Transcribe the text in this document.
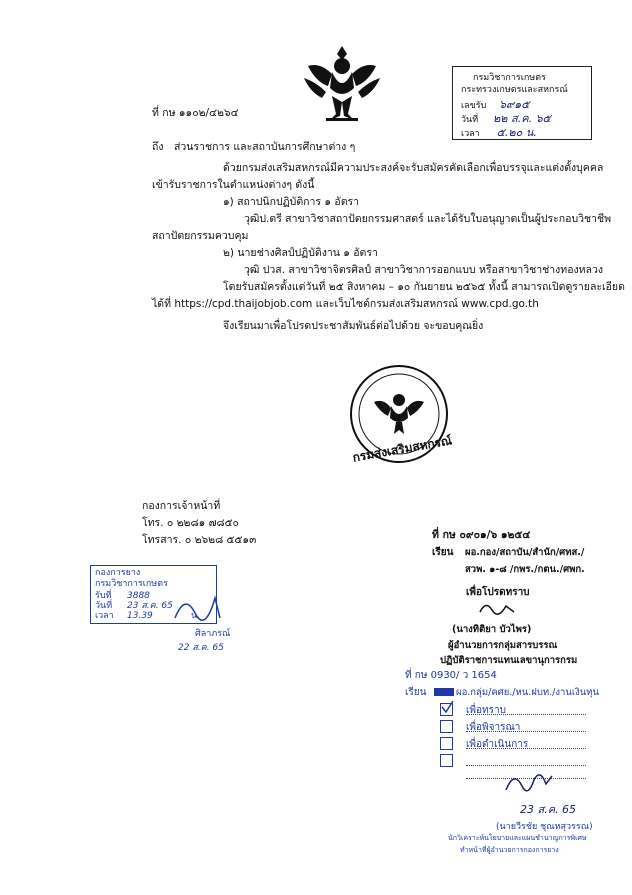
กรมวิชาการเกษตร
กระทรวงเกษตรและสหกรณ์
เลขรับ ๖๙๑๕
วันที่ ๒๒ ส.ค. ๖๕
เวลา ๕.๒๐ น.
ที่ กษ ๑๑๐๒/๔๒๖๔
ถึง ส่วนราชการ และสถาบันการศึกษาต่าง ๆ
ด้วยกรมส่งเสริมสหกรณ์มีความประสงค์จะรับสมัครคัดเลือกเพื่อบรรจุและแต่งตั้งบุคคล
เข้ารับราชการในตำแหน่งต่างๆ ดังนี้
๑) สถาปนิกปฏิบัติการ ๑ อัตรา
วุฒิป.ตรี สาขาวิชาสถาปัตยกรรมศาสตร์ และได้รับใบอนุญาตเป็นผู้ประกอบวิชาชีพ
สถาปัตยกรรมควบคุม
๒) นายช่างศิลป์ปฏิบัติงาน ๑ อัตรา
วุฒิ ปวส. สาขาวิชาจิตรศิลป์ สาขาวิชาการออกแบบ หรือสาขาวิชาช่างทองหลวง
โดยรับสมัครตั้งแต่วันที่ ๒๕ สิงหาคม – ๑๐ กันยายน ๒๕๖๕ ทั้งนี้ สามารถเปิดดูรายละเอียด
ได้ที่ https://cpd.thaijobjob.com และเว็บไซต์กรมส่งเสริมสหกรณ์ www.cpd.go.th
จึงเรียนมาเพื่อโปรดประชาสัมพันธ์ต่อไปด้วย จะขอบคุณยิ่ง
กรมส่งเสริมสหกรณ์
กองการเจ้าหน้าที่
โทร. ๐ ๒๒๘๑ ๗๘๕๐
โทรสาร. ๐ ๒๖๒๘ ๕๕๑๓
กองการยาง
กรมวิชาการเกษตร
รับที่ 3888
วันที่ 23 ส.ค. 65
เวลา 13.39	น.
ศิลาภรณ์
22 ส.ค. 65
ที่ กษ ๐๙๐๑/๖ ๑๒๕๔
เรียน ผอ.กอง/สถาบัน/สำนัก/ศทส./
สวพ. ๑-๘ /กพร./กตน./ศพก.
เพื่อโปรดทราบ
(นางทิติยา บัวไพร)
ผู้อำนวยการกลุ่มสารบรรณ
ปฏิบัติราชการแทนเลขานุการกรม
ที่ กษ 0930/ ว 1654
เรียน	ผอ.กลุ่ม/คศย./หน.ฝบท./งานเงินทุน
เพื่อทราบ
เพื่อพิจารณา
เพื่อดำเนินการ
23 ส.ค. 65
(นายวีรชัย ชุณหสุวรรณ)
นักวิเคราะห์นโยบายและแผนชำนาญการพิเศษ
ทำหน้าที่ผู้อำนวยการกองการยาง
